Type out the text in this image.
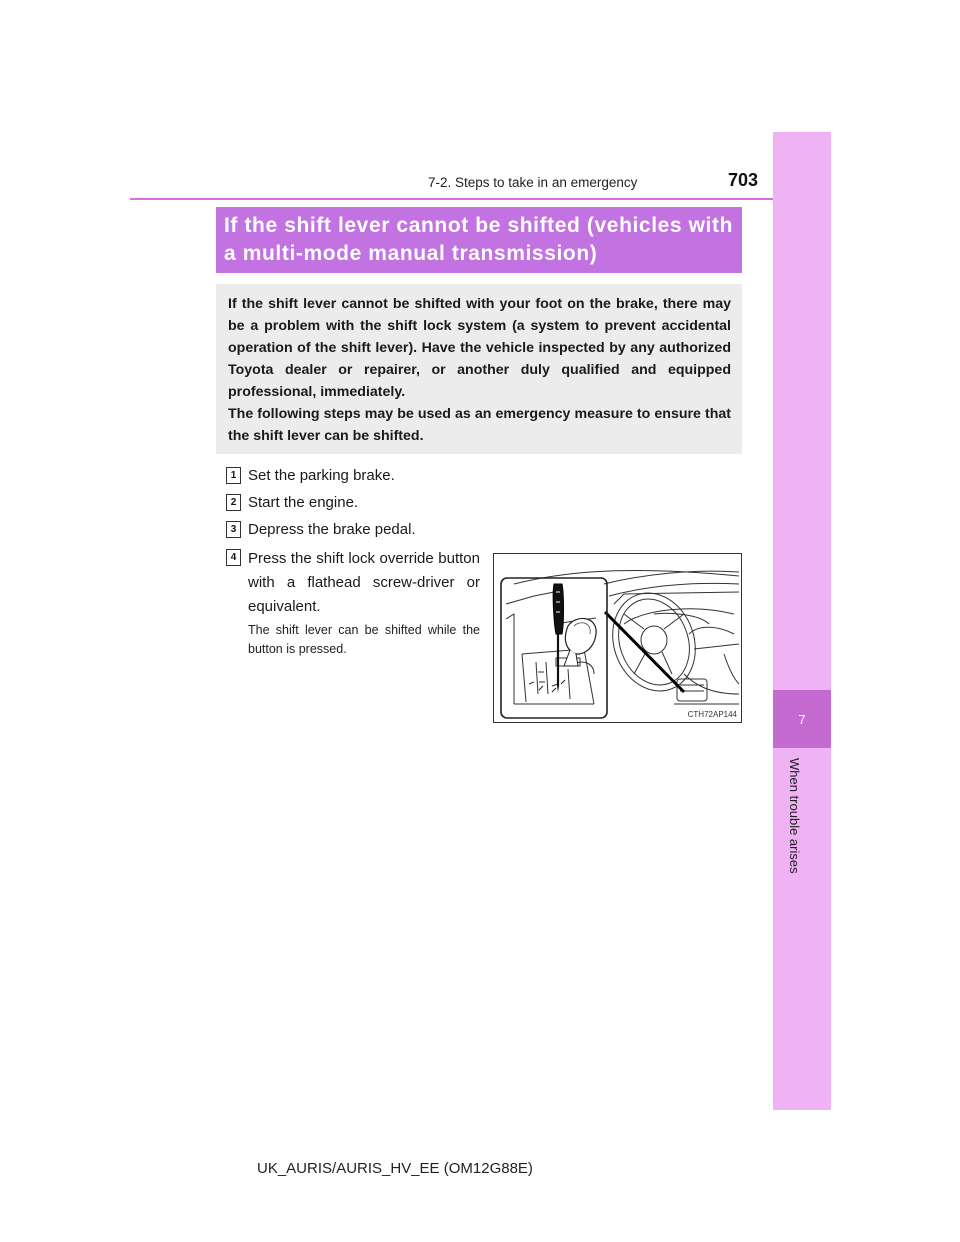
7-2. Steps to take in an emergency	703
7
When trouble arises
If the shift lever cannot be shifted (vehicles with a multi-mode manual transmission)

If the shift lever cannot be shifted with your foot on the brake, there may be a problem with the shift lock system (a system to prevent accidental operation of the shift lever). Have the vehicle inspected by any authorized Toyota dealer or repairer, or another duly qualified and equipped professional, immediately.

The following steps may be used as an emergency measure to ensure that the shift lever can be shifted.

1 Set the parking brake.
2 Start the engine.
3 Depress the brake pedal.
4 Press the shift lock override button with a flathead screw-driver or equivalent.
The shift lever can be shifted while the button is pressed.
CTH72AP144
UK_AURIS/AURIS_HV_EE (OM12G88E)
